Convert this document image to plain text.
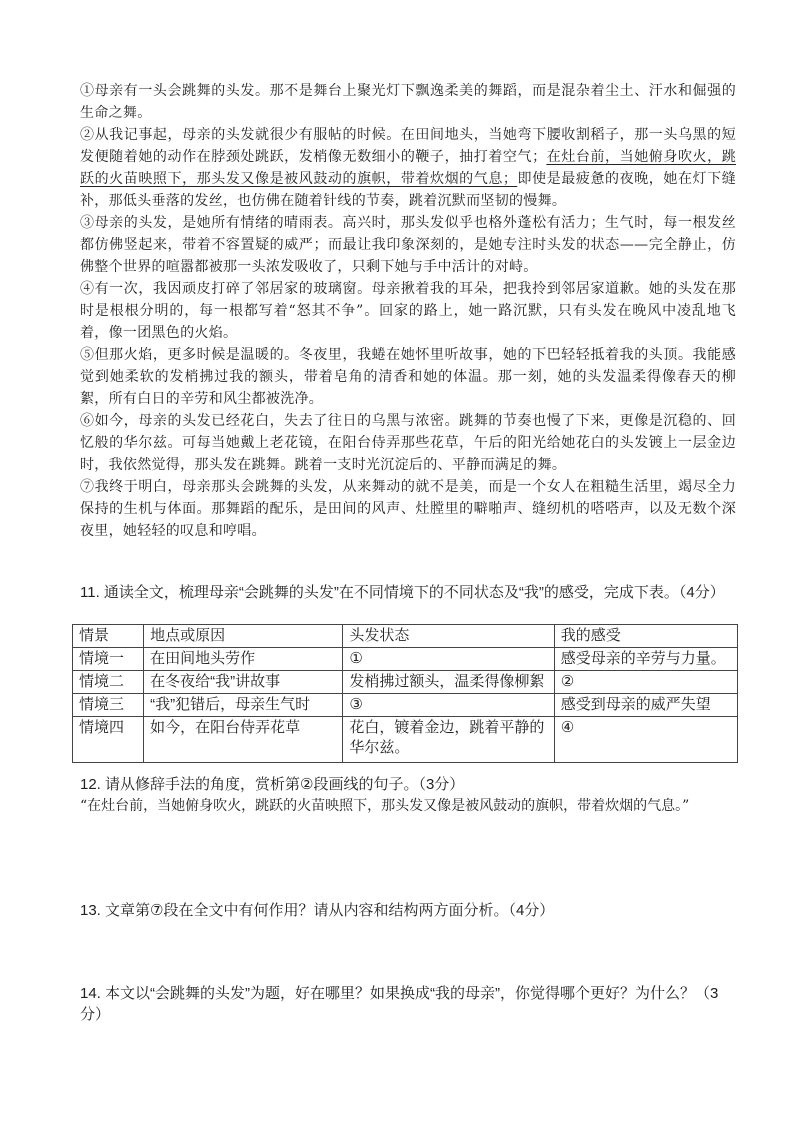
①母亲有一头会跳舞的头发。那不是舞台上聚光灯下飘逸柔美的舞蹈，而是混杂着尘土、汗水和倔强的生命之舞。

②从我记事起，母亲的头发就很少有服帖的时候。在田间地头，当她弯下腰收割稻子，那一头乌黑的短发便随着她的动作在脖颈处跳跃，发梢像无数细小的鞭子，抽打着空气；在灶台前，当她俯身吹火，跳跃的火苗映照下，那头发又像是被风鼓动的旗帜，带着炊烟的气息；即使是最疲惫的夜晚，她在灯下缝补，那低头垂落的发丝，也仿佛在随着针线的节奏，跳着沉默而坚韧的慢舞。

③母亲的头发，是她所有情绪的晴雨表。高兴时，那头发似乎也格外蓬松有活力；生气时，每一根发丝都仿佛竖起来，带着不容置疑的威严；而最让我印象深刻的，是她专注时头发的状态——完全静止，仿佛整个世界的喧嚣都被那一头浓发吸收了，只剩下她与手中活计的对峙。

④有一次，我因顽皮打碎了邻居家的玻璃窗。母亲揪着我的耳朵，把我拎到邻居家道歉。她的头发在那时是根根分明的，每一根都写着“怒其不争”。回家的路上，她一路沉默，只有头发在晚风中凌乱地飞着，像一团黑色的火焰。

⑤但那火焰，更多时候是温暖的。冬夜里，我蜷在她怀里听故事，她的下巴轻轻抵着我的头顶。我能感觉到她柔软的发梢拂过我的额头，带着皂角的清香和她的体温。那一刻，她的头发温柔得像春天的柳絮，所有白日的辛劳和风尘都被洗净。

⑥如今，母亲的头发已经花白，失去了往日的乌黑与浓密。跳舞的节奏也慢了下来，更像是沉稳的、回忆般的华尔兹。可每当她戴上老花镜，在阳台侍弄那些花草，午后的阳光给她花白的头发镀上一层金边时，我依然觉得，那头发在跳舞。跳着一支时光沉淀后的、平静而满足的舞。

⑦我终于明白，母亲那头会跳舞的头发，从来舞动的就不是美，而是一个女人在粗糙生活里，竭尽全力保持的生机与体面。那舞蹈的配乐，是田间的风声、灶膛里的噼啪声、缝纫机的嗒嗒声，以及无数个深夜里，她轻轻的叹息和哼唱。

11. 通读全文，梳理母亲“会跳舞的头发”在不同情境下的不同状态及“我”的感受，完成下表。（4分）

情景	地点或原因	头发状态	我的感受
情境一	在田间地头劳作	①	感受母亲的辛劳与力量。
情境二	在冬夜给“我”讲故事	发梢拂过额头，温柔得像柳絮	②
情境三	“我”犯错后，母亲生气时	③	感受到母亲的威严失望
情境四	如今，在阳台侍弄花草	花白，镀着金边，跳着平静的华尔兹。	④

12. 请从修辞手法的角度，赏析第②段画线的句子。（3分）

“在灶台前，当她俯身吹火，跳跃的火苗映照下，那头发又像是被风鼓动的旗帜，带着炊烟的气息。”

13. 文章第⑦段在全文中有何作用？请从内容和结构两方面分析。（4分）

14. 本文以“会跳舞的头发”为题，好在哪里？如果换成“我的母亲”，你觉得哪个更好？为什么？（3分）
